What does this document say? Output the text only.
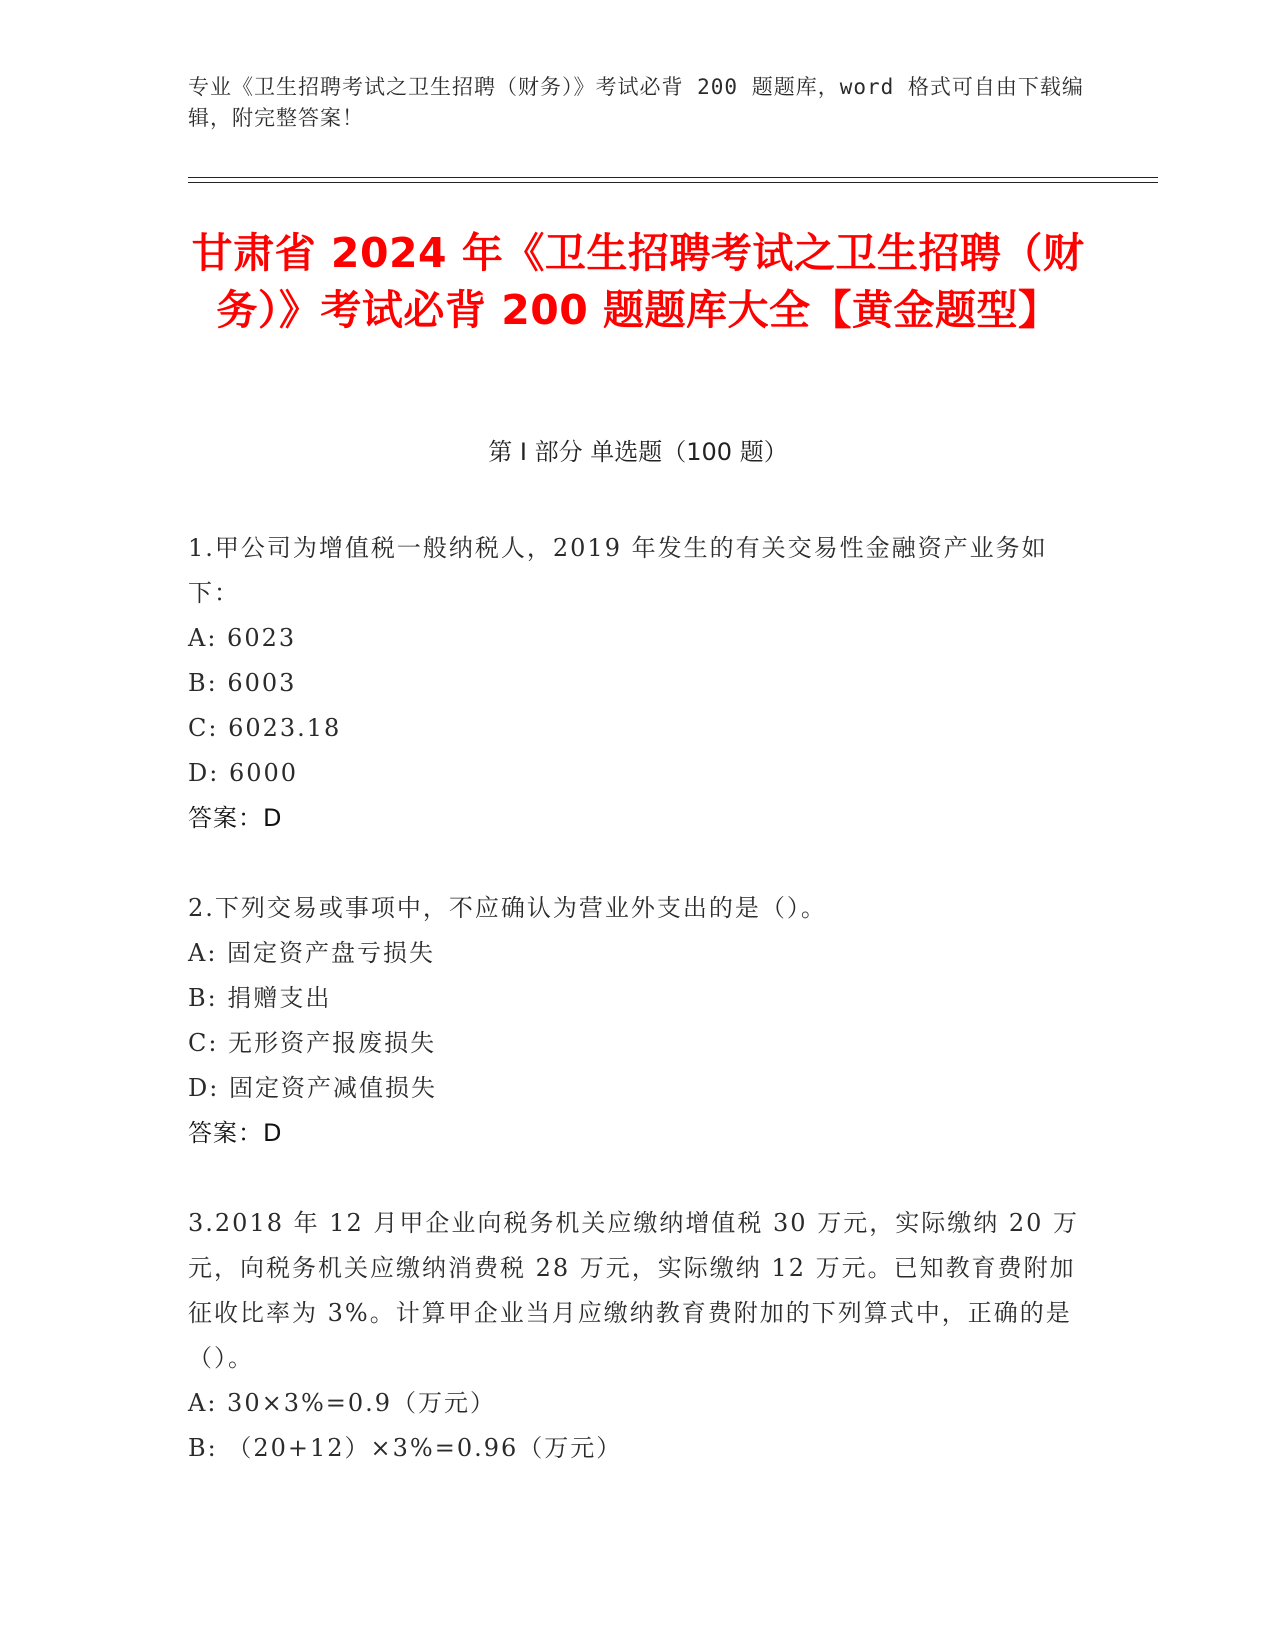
专业《卫生招聘考试之卫生招聘（财务）》考试必背 200 题题库，word 格式可自由下载编辑，附完整答案！
甘肃省 2024 年《卫生招聘考试之卫生招聘（财务）》考试必背 200 题题库大全【黄金题型】
第 I 部分 单选题（100 题）
1.甲公司为增值税一般纳税人，2019 年发生的有关交易性金融资产业务如下：
A: 6023
B: 6003
C: 6023.18
D: 6000
答案：D
2.下列交易或事项中，不应确认为营业外支出的是（）。
A: 固定资产盘亏损失
B: 捐赠支出
C: 无形资产报废损失
D: 固定资产减值损失
答案：D
3.2018 年 12 月甲企业向税务机关应缴纳增值税 30 万元，实际缴纳 20 万元，向税务机关应缴纳消费税 28 万元，实际缴纳 12 万元。已知教育费附加征收比率为 3%。计算甲企业当月应缴纳教育费附加的下列算式中，正确的是（）。
A: 30×3%=0.9（万元）
B: （20+12）×3%=0.96（万元）
